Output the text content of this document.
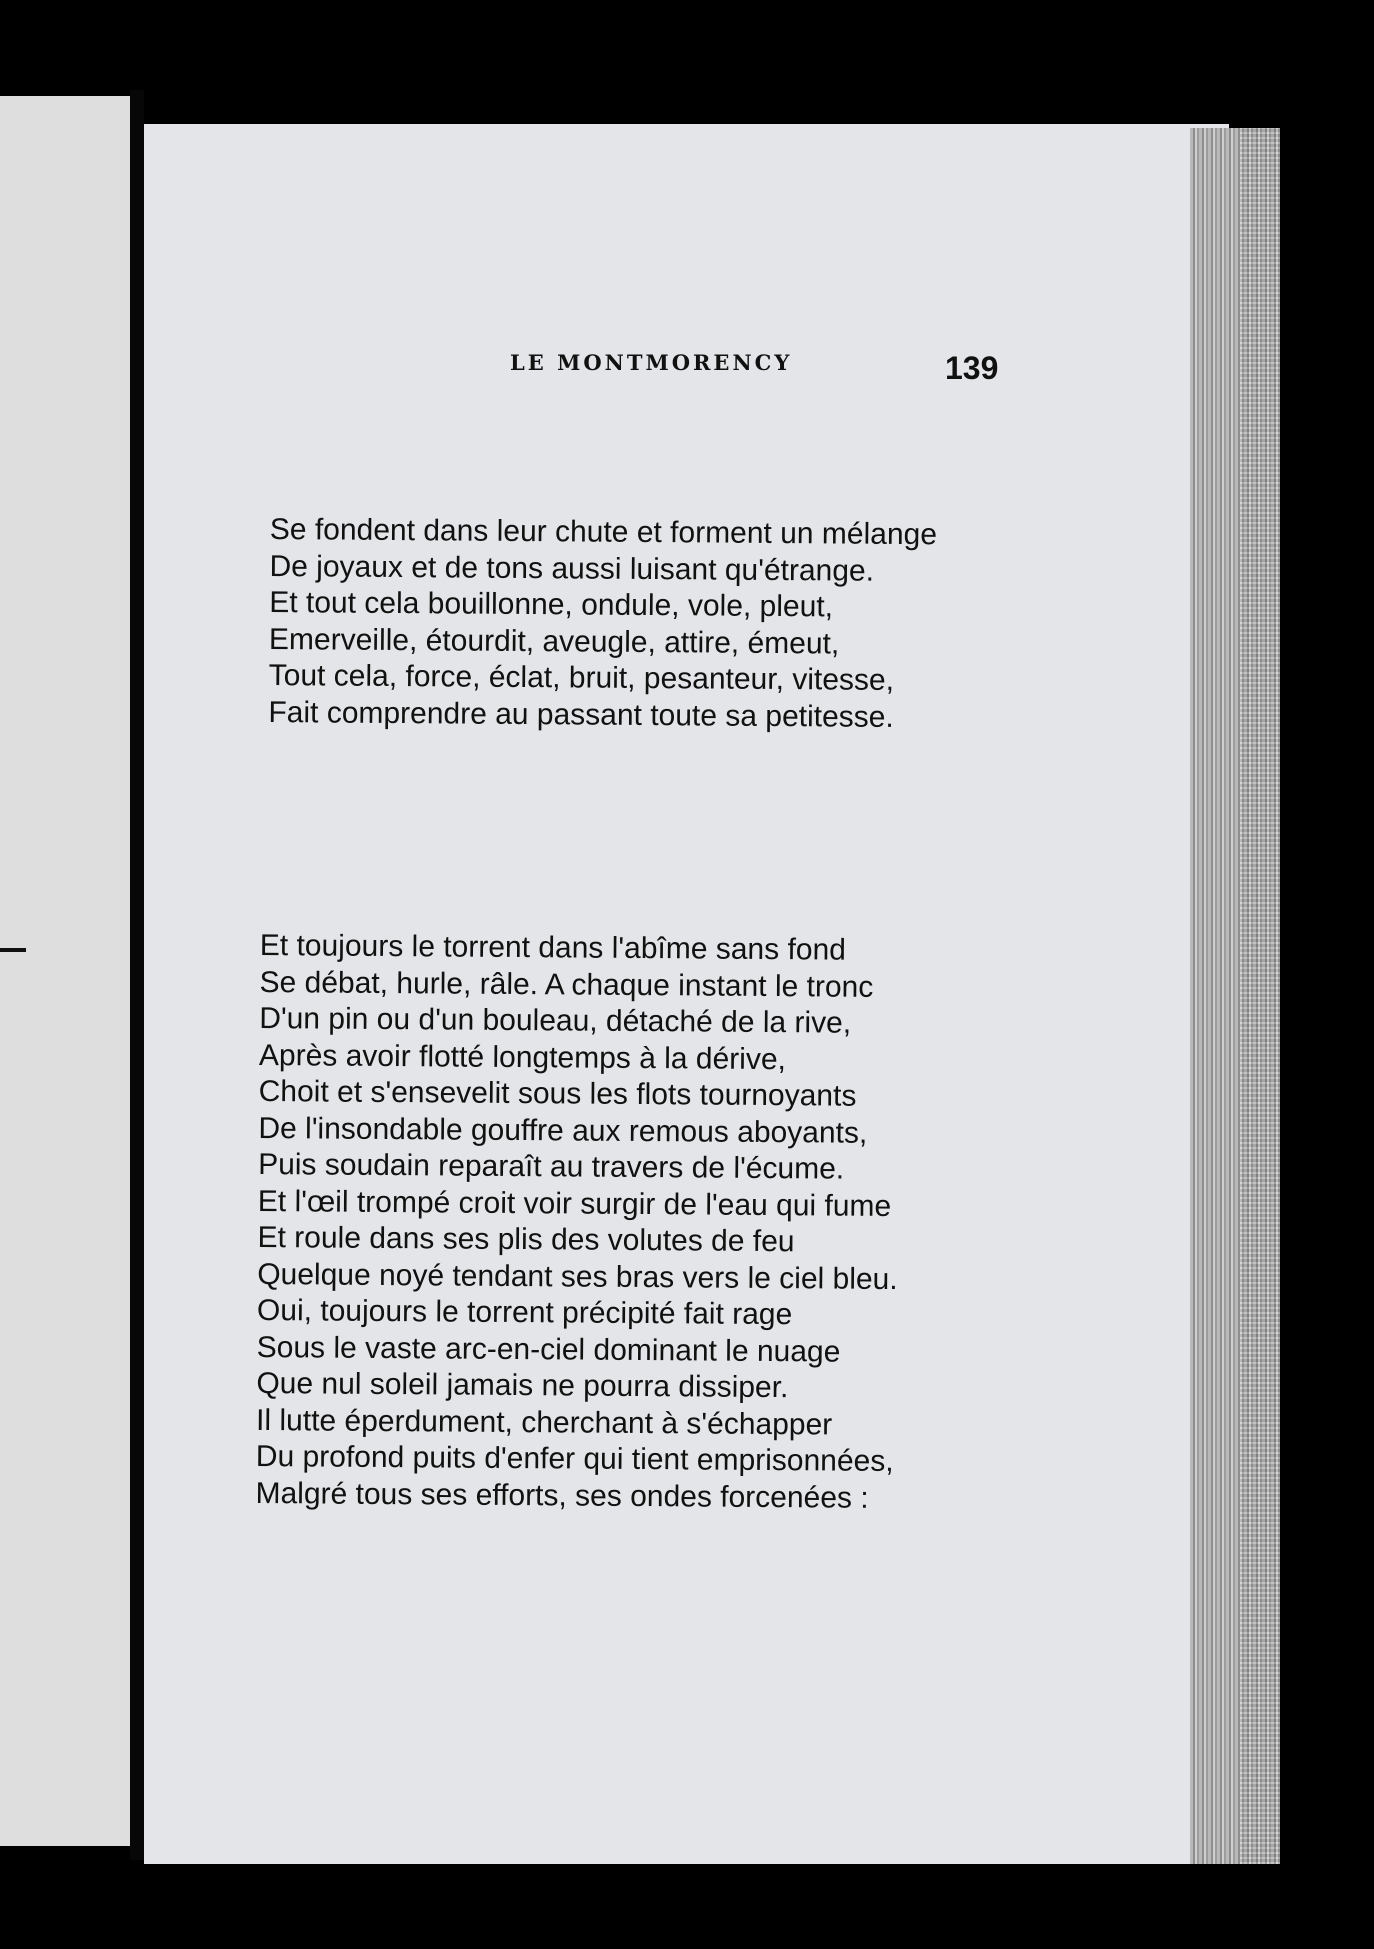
LE MONTMORENCY	139

Se fondent dans leur chute et forment un mélange
De joyaux et de tons aussi luisant qu'étrange.
Et tout cela bouillonne, ondule, vole, pleut,
Emerveille, étourdit, aveugle, attire, émeut,
Tout cela, force, éclat, bruit, pesanteur, vitesse,
Fait comprendre au passant toute sa petitesse.

Et toujours le torrent dans l'abîme sans fond
Se débat, hurle, râle. A chaque instant le tronc
D'un pin ou d'un bouleau, détaché de la rive,
Après avoir flotté longtemps à la dérive,
Choit et s'ensevelit sous les flots tournoyants
De l'insondable gouffre aux remous aboyants,
Puis soudain reparaît au travers de l'écume.
Et l'œil trompé croit voir surgir de l'eau qui fume
Et roule dans ses plis des volutes de feu
Quelque noyé tendant ses bras vers le ciel bleu.
Oui, toujours le torrent précipité fait rage
Sous le vaste arc-en-ciel dominant le nuage
Que nul soleil jamais ne pourra dissiper.
Il lutte éperdument, cherchant à s'échapper
Du profond puits d'enfer qui tient emprisonnées,
Malgré tous ses efforts, ses ondes forcenées :
